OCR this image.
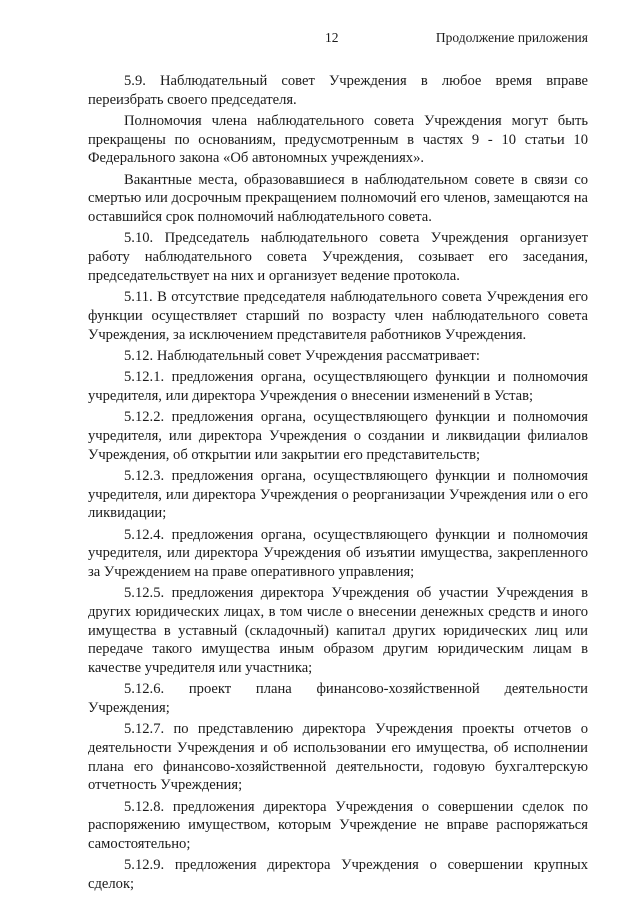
12	Продолжение приложения

5.9. Наблюдательный совет Учреждения в любое время вправе переизбрать своего председателя.

Полномочия члена наблюдательного совета Учреждения могут быть прекращены по основаниям, предусмотренным в частях 9 - 10 статьи 10 Федерального закона «Об автономных учреждениях».

Вакантные места, образовавшиеся в наблюдательном совете в связи со смертью или досрочным прекращением полномочий его членов, замещаются на оставшийся срок полномочий наблюдательного совета.

5.10. Председатель наблюдательного совета Учреждения организует работу наблюдательного совета Учреждения, созывает его заседания, председательствует на них и организует ведение протокола.

5.11. В отсутствие председателя наблюдательного совета Учреждения его функции осуществляет старший по возрасту член наблюдательного совета Учреждения, за исключением представителя работников Учреждения.

5.12. Наблюдательный совет Учреждения рассматривает:

5.12.1. предложения органа, осуществляющего функции и полномочия учредителя, или директора Учреждения о внесении изменений в Устав;

5.12.2. предложения органа, осуществляющего функции и полномочия учредителя, или директора Учреждения о создании и ликвидации филиалов Учреждения, об открытии или закрытии его представительств;

5.12.3. предложения органа, осуществляющего функции и полномочия учредителя, или директора Учреждения о реорганизации Учреждения или о его ликвидации;

5.12.4. предложения органа, осуществляющего функции и полномочия учредителя, или директора Учреждения об изъятии имущества, закрепленного за Учреждением на праве оперативного управления;

5.12.5. предложения директора Учреждения об участии Учреждения в других юридических лицах, в том числе о внесении денежных средств и иного имущества в уставный (складочный) капитал других юридических лиц или передаче такого имущества иным образом другим юридическим лицам в качестве учредителя или участника;

5.12.6. проект плана финансово-хозяйственной деятельности Учреждения;

5.12.7. по представлению директора Учреждения проекты отчетов о деятельности Учреждения и об использовании его имущества, об исполнении плана его финансово-хозяйственной деятельности, годовую бухгалтерскую отчетность Учреждения;

5.12.8. предложения директора Учреждения о совершении сделок по распоряжению имуществом, которым Учреждение не вправе распоряжаться самостоятельно;

5.12.9. предложения директора Учреждения о совершении крупных сделок;
